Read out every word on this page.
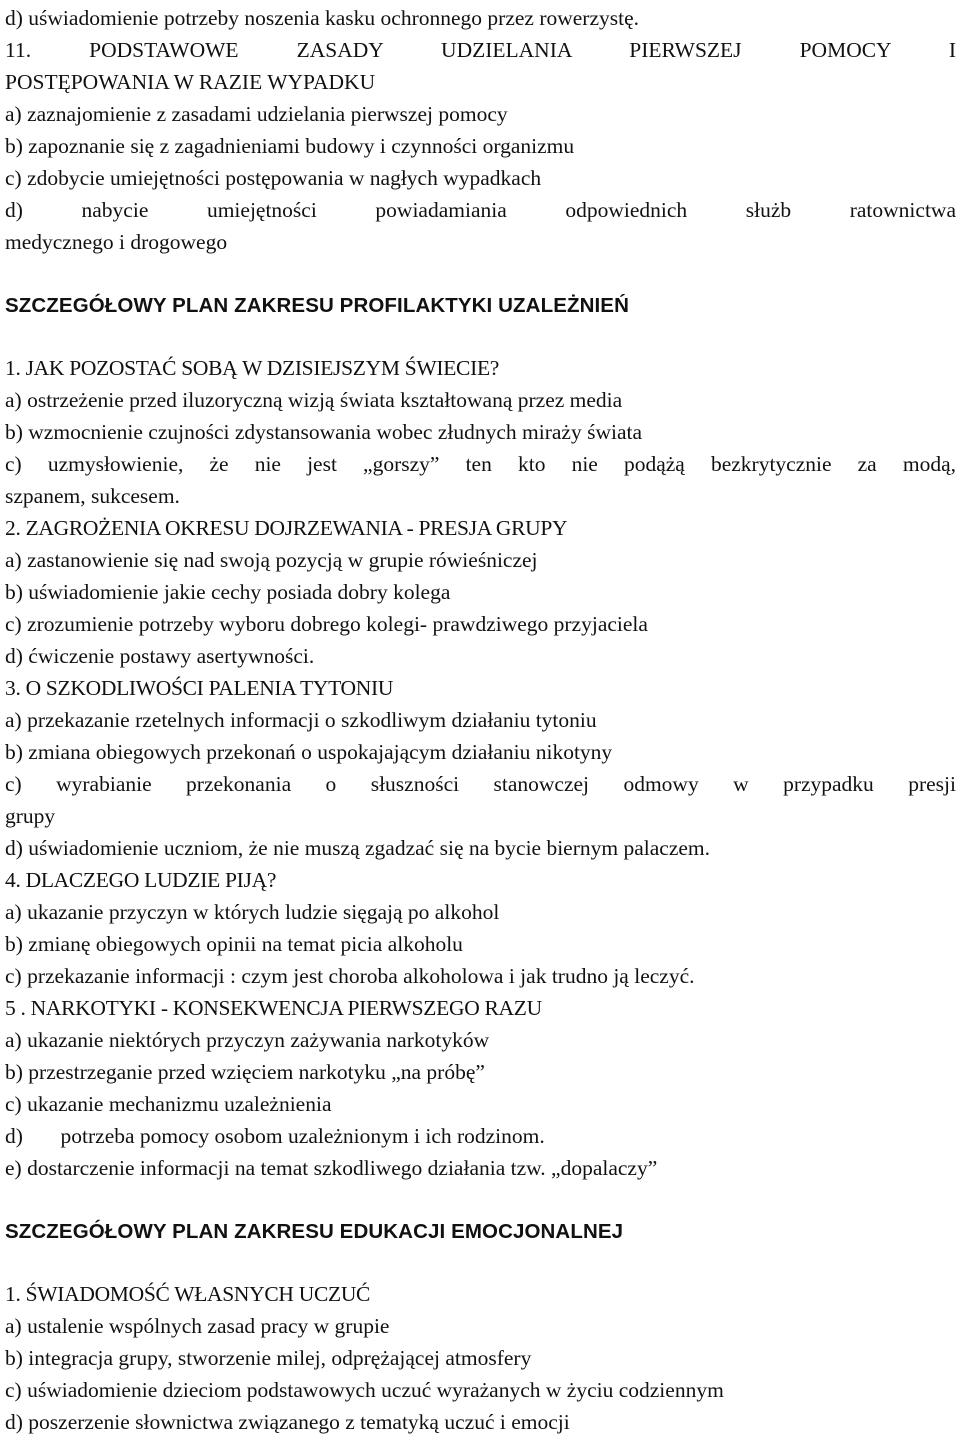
d) uświadomienie potrzeby noszenia kasku ochronnego przez rowerzystę.
11. PODSTAWOWE ZASADY UDZIELANIA PIERWSZEJ POMOCY I
POSTĘPOWANIA W RAZIE WYPADKU
a) zaznajomienie z zasadami udzielania pierwszej pomocy
b) zapoznanie się z zagadnieniami budowy i czynności organizmu
c) zdobycie umiejętności postępowania w nagłych wypadkach
d) nabycie umiejętności powiadamiania odpowiednich służb ratownictwa
medycznego i drogowego
SZCZEGÓŁOWY PLAN ZAKRESU PROFILAKTYKI UZALEŻNIEŃ
1. JAK POZOSTAĆ SOBĄ W DZISIEJSZYM ŚWIECIE?
a) ostrzeżenie przed iluzoryczną wizją świata kształtowaną przez media
b) wzmocnienie czujności zdystansowania wobec złudnych miraży świata
c) uzmysłowienie, że nie jest „gorszy” ten kto nie podążą bezkrytycznie za modą,
szpanem, sukcesem.
2. ZAGROŻENIA OKRESU DOJRZEWANIA - PRESJA GRUPY
a) zastanowienie się nad swoją pozycją w grupie rówieśniczej
b) uświadomienie jakie cechy posiada dobry kolega
c) zrozumienie potrzeby wyboru dobrego kolegi- prawdziwego przyjaciela
d) ćwiczenie postawy asertywności.
3. O SZKODLIWOŚCI PALENIA TYTONIU
a) przekazanie rzetelnych informacji o szkodliwym działaniu tytoniu
b) zmiana obiegowych przekonań o uspokajającym działaniu nikotyny
c) wyrabianie przekonania o słuszności stanowczej odmowy w przypadku presji
grupy
d) uświadomienie uczniom, że nie muszą zgadzać się na bycie biernym palaczem.
4. DLACZEGO LUDZIE PIJĄ?
a) ukazanie przyczyn w których ludzie sięgają po alkohol
b) zmianę obiegowych opinii na temat picia alkoholu
c) przekazanie informacji : czym jest choroba alkoholowa i jak trudno ją leczyć.
5 . NARKOTYKI - KONSEKWENCJA PIERWSZEGO RAZU
a) ukazanie niektórych przyczyn zażywania narkotyków
b) przestrzeganie przed wzięciem narkotyku „na próbę”
c) ukazanie mechanizmu uzależnienia
d)       potrzeba pomocy osobom uzależnionym i ich rodzinom.
e) dostarczenie informacji na temat szkodliwego działania tzw. „dopalaczy”
SZCZEGÓŁOWY PLAN ZAKRESU EDUKACJI EMOCJONALNEJ
1. ŚWIADOMOŚĆ WŁASNYCH UCZUĆ
a) ustalenie wspólnych zasad pracy w grupie
b) integracja grupy, stworzenie milej, odprężającej atmosfery
c) uświadomienie dzieciom podstawowych uczuć wyrażanych w życiu codziennym
d) poszerzenie słownictwa związanego z tematyką uczuć i emocji
